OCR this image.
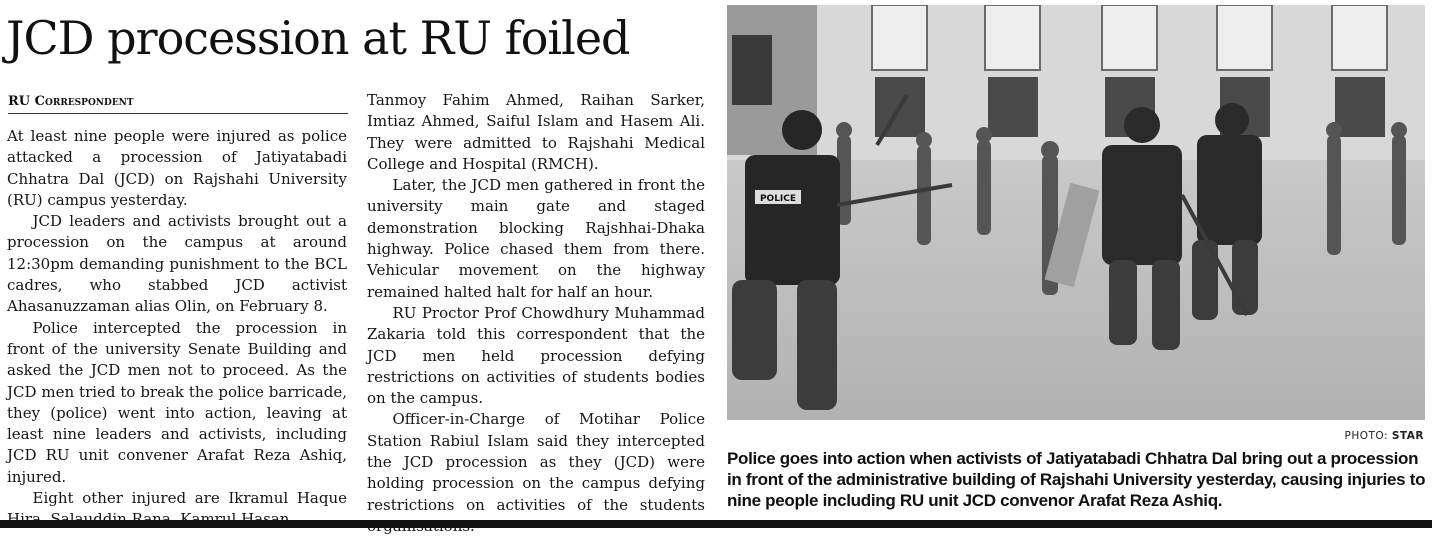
JCD procession at RU foiled
RU Correspondent

At least nine people were injured as police attacked a procession of Jatiyatabadi Chhatra Dal (JCD) on Rajshahi University (RU) campus yesterday.

JCD leaders and activists brought out a procession on the campus at around 12:30pm demanding punishment to the BCL cadres, who stabbed JCD activist Ahasanuzzaman alias Olin, on February 8.

Police intercepted the procession in front of the university Senate Building and asked the JCD men not to proceed. As the JCD men tried to break the police barricade, they (police) went into action, leaving at least nine leaders and activists, including JCD RU unit convener Arafat Reza Ashiq, injured.

Eight other injured are Ikramul Haque

Tanmoy Fahim Ahmed, Raihan Sarker, Imtiaz Ahmed, Saiful Islam and Hasem Ali. They were admitted to Rajshahi Medical College and Hospital (RMCH).

Later, the JCD men gathered in front the university main gate and staged demonstration blocking Rajshhai-Dhaka highway. Police chased them from there. Vehicular movement on the highway remained halted halt for half an hour.

RU Proctor Prof Chowdhury Muhammad Zakaria told this correspondent that the JCD men held procession defying restrictions on activities of students bodies on the campus.

Officer-in-Charge of Motihar Police Station Rabiul Islam said they intercepted the JCD procession as they (JCD) were holding procession on the campus defying restrictions on activities of the students

POLICE

PHOTO: STAR

Police goes into action when activists of Jatiyatabadi Chhatra Dal bring out a procession in front of the administrative building of Rajshahi University yesterday, causing injuries to nine people including RU unit JCD convenor Arafat Reza Ashiq.
